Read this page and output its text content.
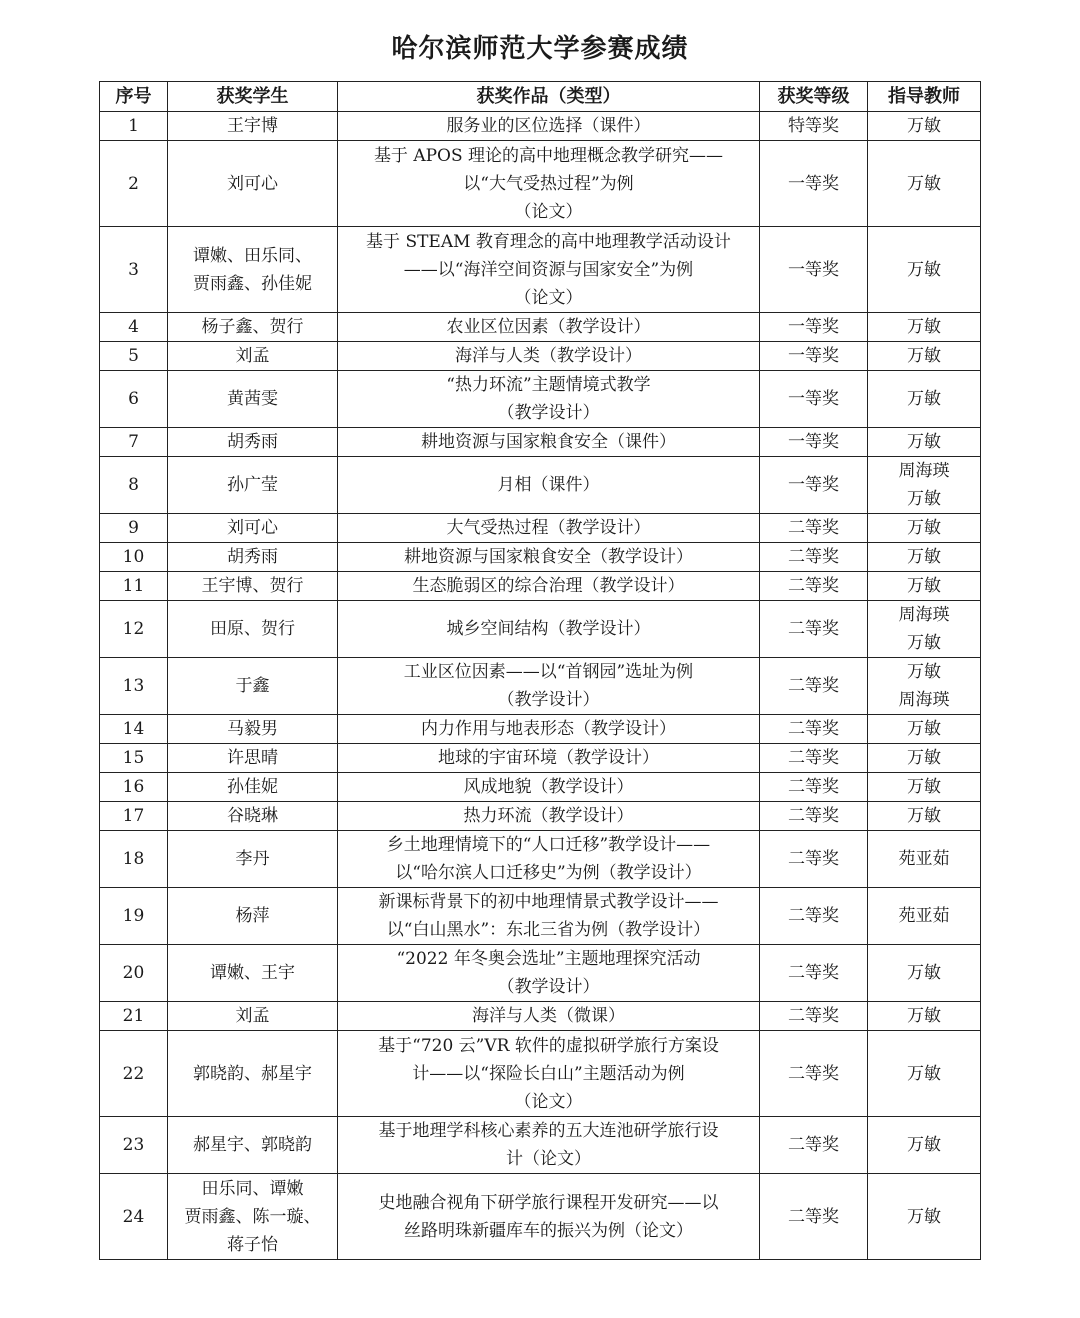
哈尔滨师范大学参赛成绩
序号	获奖学生	获奖作品（类型）	获奖等级	指导教师
1	王宇博	服务业的区位选择（课件）	特等奖	万敏

2	刘可心	基于 APOS 理论的高中地理概念教学研究——
以“大气受热过程”为例
（论文）	一等奖	万敏

3	谭嫩、田乐同、
贾雨鑫、孙佳妮	基于 STEAM 教育理念的高中地理教学活动设计
——以“海洋空间资源与国家安全”为例
（论文）	一等奖	万敏

4	杨子鑫、贺行	农业区位因素（教学设计）	一等奖	万敏

5	刘孟	海洋与人类（教学设计）	一等奖	万敏

6	黄茜雯	“热力环流”主题情境式教学
（教学设计）	一等奖	万敏

7	胡秀雨	耕地资源与国家粮食安全（课件）	一等奖	万敏

8	孙广莹	月相（课件）	一等奖	周海瑛
万敏

9	刘可心	大气受热过程（教学设计）	二等奖	万敏

10	胡秀雨	耕地资源与国家粮食安全（教学设计）	二等奖	万敏

11	王宇博、贺行	生态脆弱区的综合治理（教学设计）	二等奖	万敏

12	田原、贺行	城乡空间结构（教学设计）	二等奖	周海瑛
万敏

13	于鑫	工业区位因素——以“首钢园”选址为例
（教学设计）	二等奖	万敏
周海瑛

14	马毅男	内力作用与地表形态（教学设计）	二等奖	万敏

15	许思晴	地球的宇宙环境（教学设计）	二等奖	万敏

16	孙佳妮	风成地貌（教学设计）	二等奖	万敏

17	谷晓琳	热力环流（教学设计）	二等奖	万敏

18	李丹	乡土地理情境下的“人口迁移”教学设计——
以“哈尔滨人口迁移史”为例（教学设计）	二等奖	苑亚茹

19	杨萍	新课标背景下的初中地理情景式教学设计——
以“白山黑水”：东北三省为例（教学设计）	二等奖	苑亚茹

20	谭嫩、王宇	“2022 年冬奥会选址”主题地理探究活动
（教学设计）	二等奖	万敏

21	刘孟	海洋与人类（微课）	二等奖	万敏

22	郭晓韵、郝星宇	基于“720 云”VR 软件的虚拟研学旅行方案设
计——以“探险长白山”主题活动为例
（论文）	二等奖	万敏

23	郝星宇、郭晓韵	基于地理学科核心素养的五大连池研学旅行设
计（论文）	二等奖	万敏

24	田乐同、谭嫩
贾雨鑫、陈一璇、
蒋子怡	史地融合视角下研学旅行课程开发研究——以
丝路明珠新疆库车的振兴为例（论文）	二等奖	万敏
